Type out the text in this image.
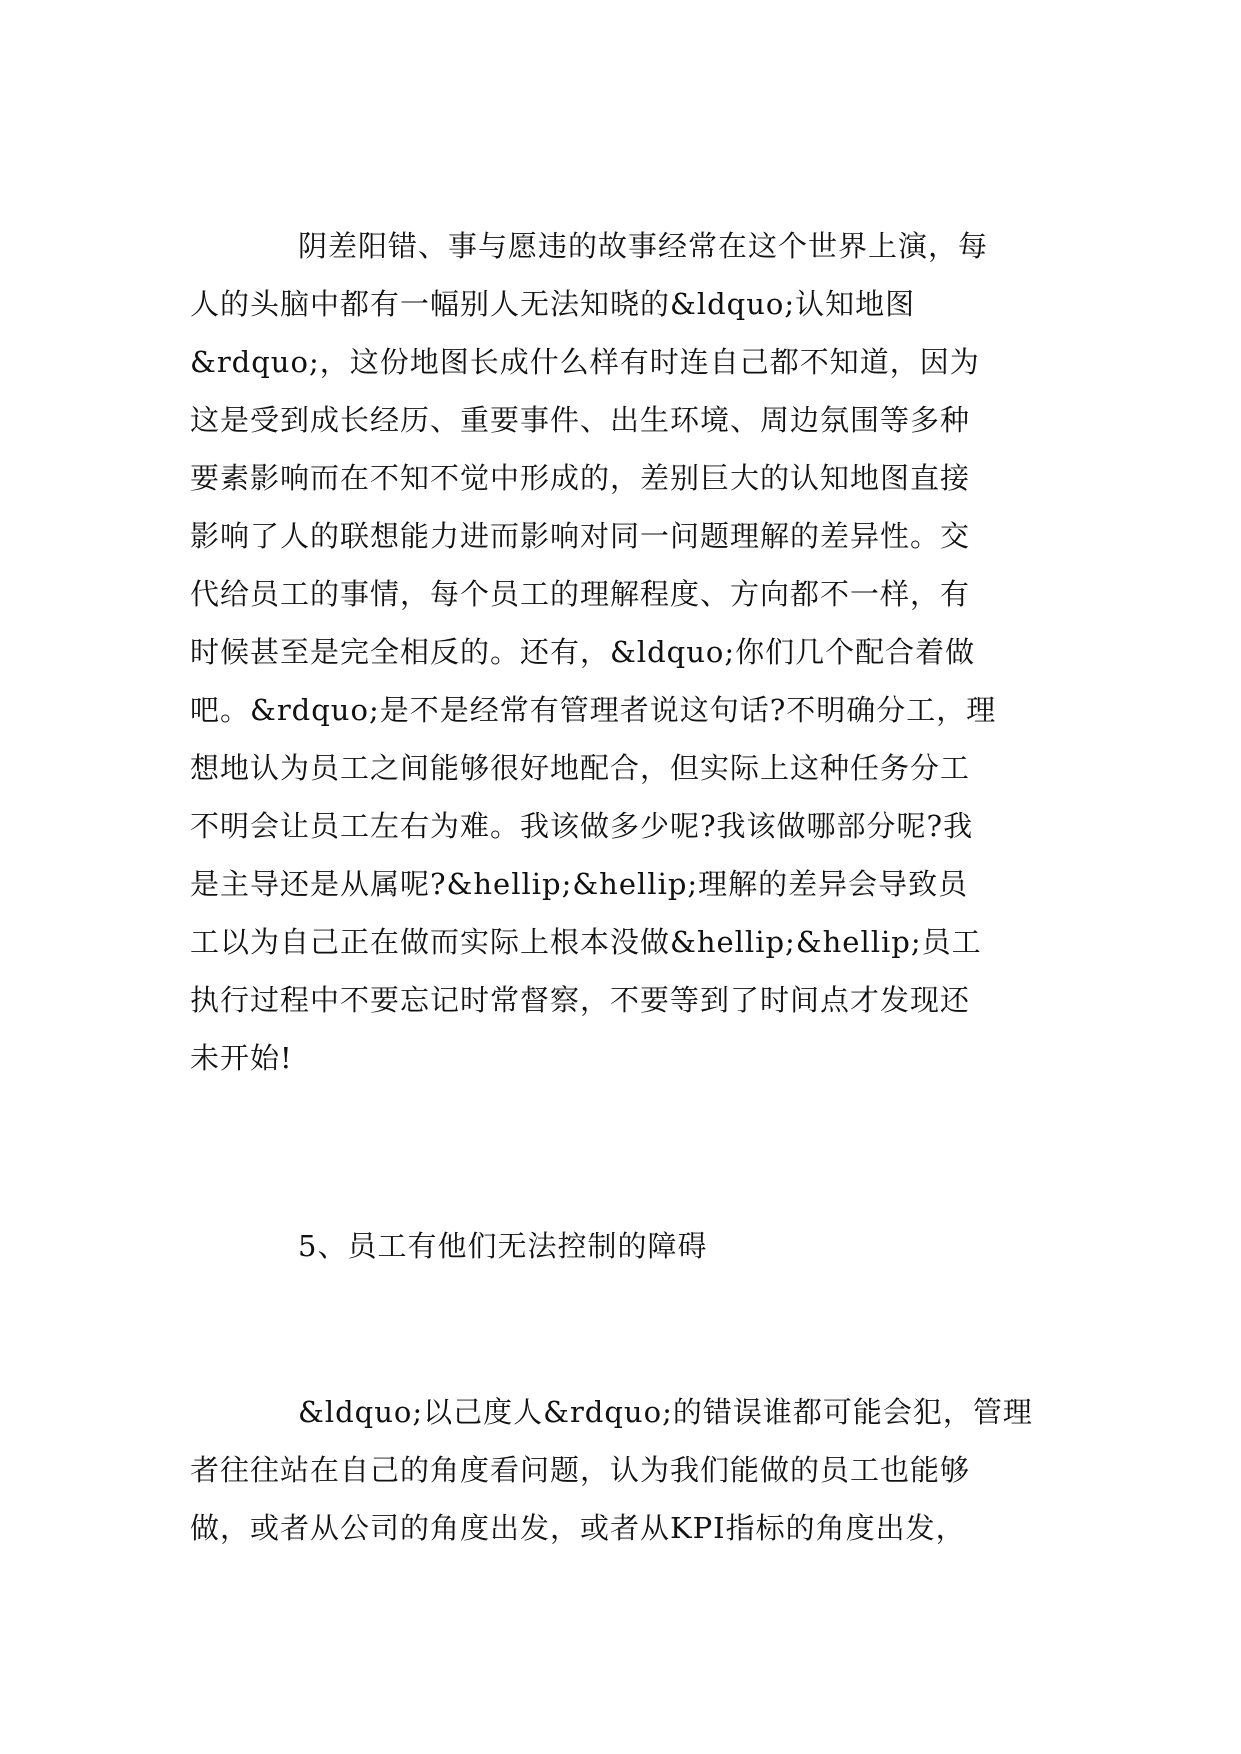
阴差阳错、事与愿违的故事经常在这个世界上演，每
人的头脑中都有一幅别人无法知晓的&ldquo;认知地图
&rdquo;，这份地图长成什么样有时连自己都不知道，因为
这是受到成长经历、重要事件、出生环境、周边氛围等多种
要素影响而在不知不觉中形成的，差别巨大的认知地图直接
影响了人的联想能力进而影响对同一问题理解的差异性。交
代给员工的事情，每个员工的理解程度、方向都不一样，有
时候甚至是完全相反的。还有，&ldquo;你们几个配合着做
吧。&rdquo;是不是经常有管理者说这句话?不明确分工，理
想地认为员工之间能够很好地配合，但实际上这种任务分工
不明会让员工左右为难。我该做多少呢?我该做哪部分呢?我
是主导还是从属呢?&hellip;&hellip;理解的差异会导致员
工以为自己正在做而实际上根本没做&hellip;&hellip;员工
执行过程中不要忘记时常督察，不要等到了时间点才发现还
未开始!

5、员工有他们无法控制的障碍

&ldquo;以己度人&rdquo;的错误谁都可能会犯，管理
者往往站在自己的角度看问题，认为我们能做的员工也能够
做，或者从公司的角度出发，或者从KPI指标的角度出发，
